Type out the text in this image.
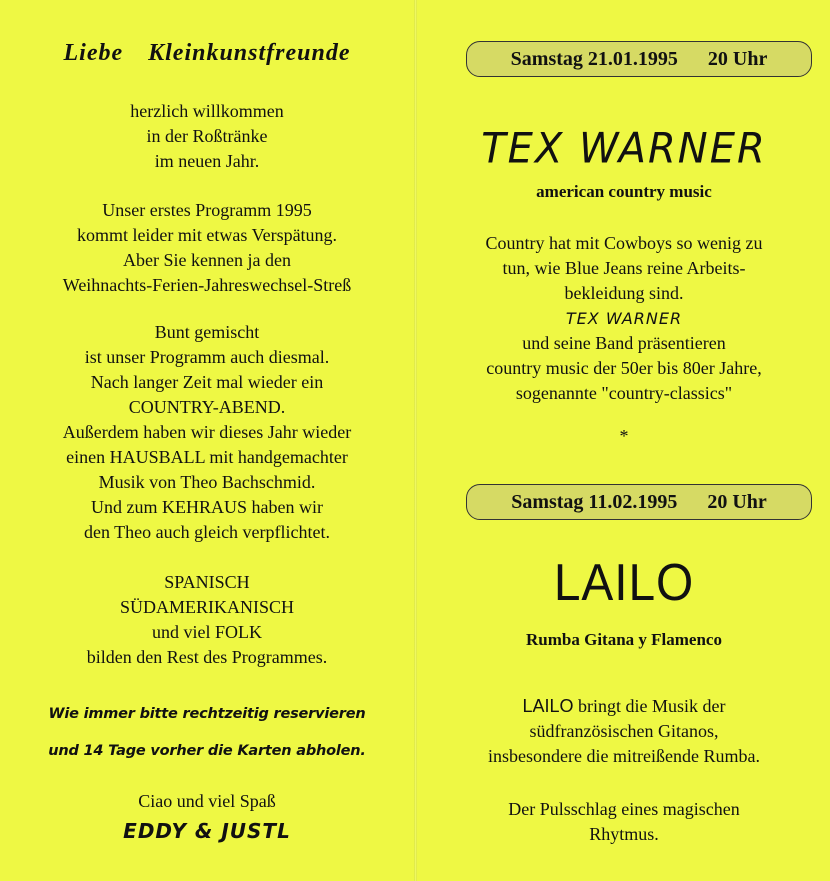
Liebe Kleinkunstfreunde
herzlich willkommen
in der Roßtränke
im neuen Jahr.
Unser erstes Programm 1995
kommt leider mit etwas Verspätung.
Aber Sie kennen ja den
Weihnachts-Ferien-Jahreswechsel-Streß
Bunt gemischt
ist unser Programm auch diesmal.
Nach langer Zeit mal wieder ein
COUNTRY-ABEND.
Außerdem haben wir dieses Jahr wieder
einen HAUSBALL mit handgemachter
Musik von Theo Bachschmid.
Und zum KEHRAUS haben wir
den Theo auch gleich verpflichtet.
SPANISCH
SÜDAMERIKANISCH
und viel FOLK
bilden den Rest des Programmes.
Wie immer bitte rechtzeitig reservieren
und 14 Tage vorher die Karten abholen.
Ciao und viel Spaß
EDDY & JUSTL
Samstag 21.01.1995 20 Uhr
TEX WARNER
american country music
Country hat mit Cowboys so wenig zu
tun, wie Blue Jeans reine Arbeits-
bekleidung sind.
TEX WARNER
und seine Band präsentieren
country music der 50er bis 80er Jahre,
sogenannte "country-classics"
*
Samstag 11.02.1995 20 Uhr
LAILO
Rumba Gitana y Flamenco
LAILO bringt die Musik der
südfranzösischen Gitanos,
insbesondere die mitreißende Rumba.
Der Pulsschlag eines magischen
Rhytmus.
